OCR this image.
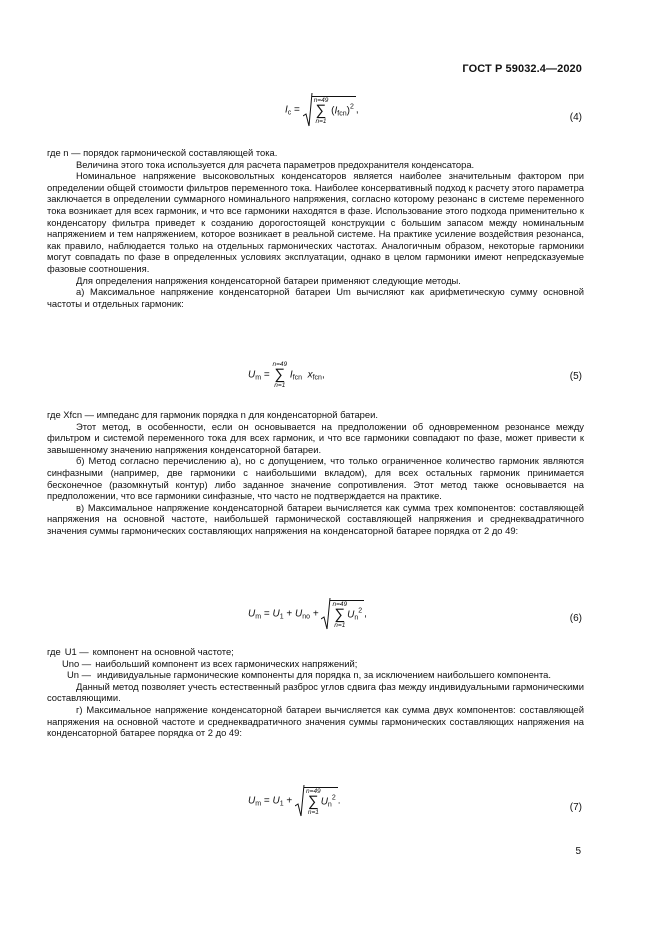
ГОСТ Р 59032.4—2020
$I_c$ =
n=49
∑
n=1
$(I_{fcn})^2$ ,
(4)

где n — порядок гармонической составляющей тока.

Величина этого тока используется для расчета параметров предохранителя конденсатора.

Номинальное напряжение высоковольтных конденсаторов является наиболее значительным фактором при определении общей стоимости фильтров переменного тока. Наиболее консервативный подход к расчету этого параметра заключается в определении суммарного номинального напряжения, согласно которому резонанс в системе переменного тока возникает для всех гармоник, и что все гармоники находятся в фазе. Использование этого подхода применительно к конденсатору фильтра приведет к созданию дорогостоящей конструкции с большим запасом между номинальным напряжением и тем напряжением, которое возникает в реальной системе. На практике усиление воздействия резонанса, как правило, наблюдается только на отдельных гармонических частотах. Аналогичным образом, некоторые гармоники могут совпадать по фазе в определенных условиях эксплуатации, однако в целом гармоники имеют непредсказуемые фазовые соотношения.

Для определения напряжения конденсаторной батареи применяют следующие методы.

а) Максимальное напряжение конденсаторной батареи Um вычисляют как арифметическую сумму основной частоты и отдельных гармоник:

$U_m$ =
n=49
∑
n=1
$I_{fcn}$ $x_{fcn}$,	(5)

где Xfcn — импеданс для гармоник порядка n для конденсаторной батареи.

Этот метод, в особенности, если он основывается на предположении об одновременном резонансе между фильтром и системой переменного тока для всех гармоник, и что все гармоники совпадают по фазе, может привести к завышенному значению напряжения конденсаторной батареи.

б) Метод согласно перечислению а), но с допущением, что только ограниченное количество гармоник являются синфазными (например, две гармоники с наибольшими вкладом), для всех остальных гармоник принимается бесконечное (разомкнутый контур) либо заданное значение сопротивления. Этот метод также основывается на предположении, что все гармоники синфазные, что часто не подтверждается на практике.

в) Максимальное напряжение конденсаторной батареи вычисляется как сумма трех компонентов: составляющей напряжения на основной частоте, наибольшей гармонической составляющей напряжения и среднеквадратичного значения суммы гармонических составляющих напряжения на конденсаторной батарее порядка от 2 до 49:

$U_m = U_1 + U_{no}$ +
n=49
∑
n=1
$U_n^2$ ,	(6)
где U1 — компонент на основной частоте;
Uno — наибольший компонент из всех гармонических напряжений;
Un — индивидуальные гармонические компоненты для порядка n, за исключением наибольшего компонента.

Данный метод позволяет учесть естественный разброс углов сдвига фаз между индивидуальными гармоническими составляющими.

г) Максимальное напряжение конденсаторной батареи вычисляется как сумма двух компонентов: составляющей напряжения на основной частоте и среднеквадратичного значения суммы гармонических составляющих напряжения на конденсаторной батарее порядка от 2 до 49:

$U_m = U_1$ +
n=49
∑
n=1
$U_n^2$ .
(7)
5
